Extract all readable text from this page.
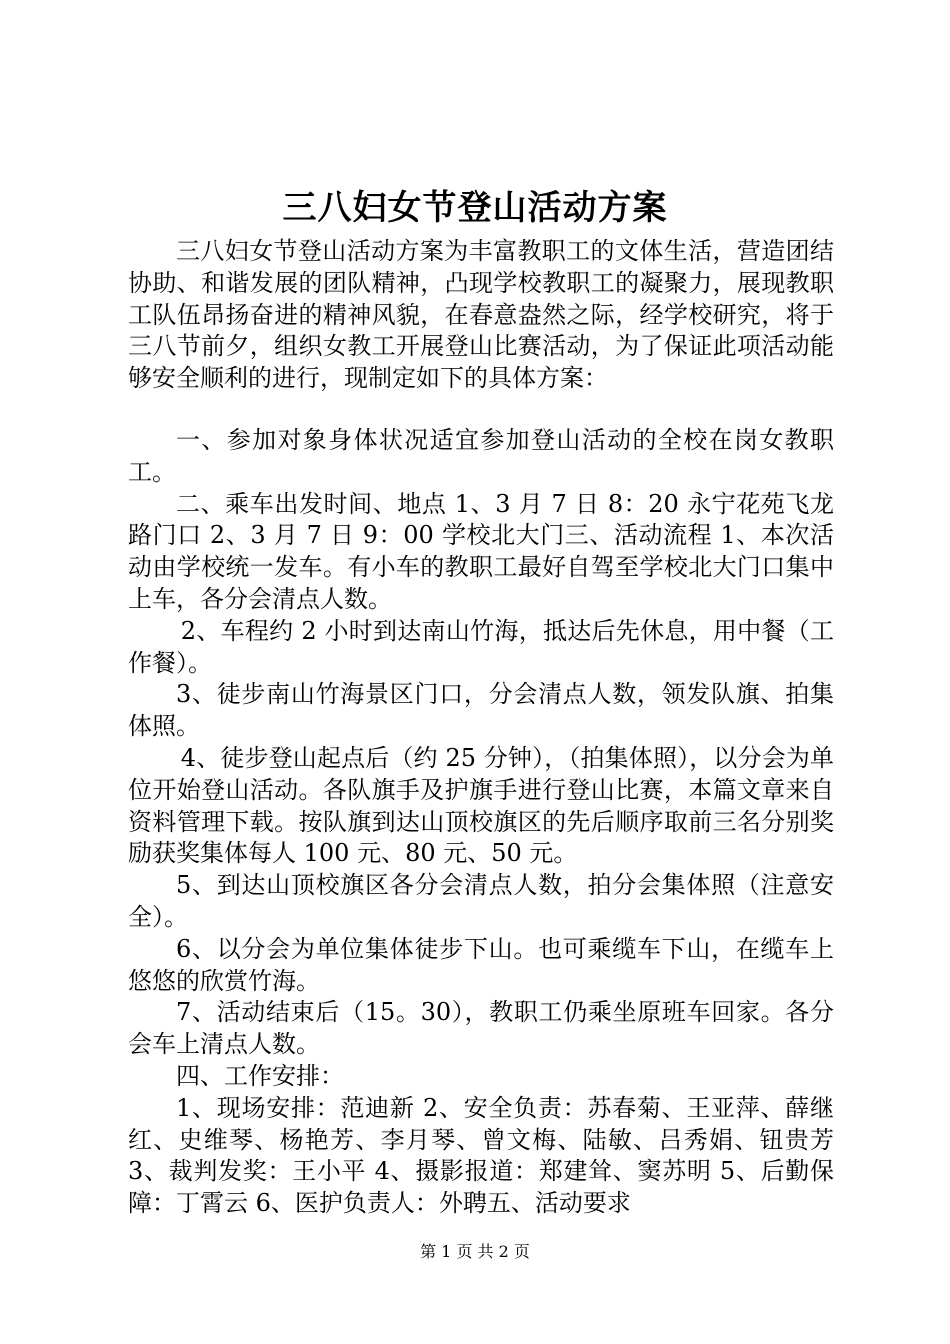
三八妇女节登山活动方案

三八妇女节登山活动方案为丰富教职工的文体生活，营造团结协助、和谐发展的团队精神，凸现学校教职工的凝聚力，展现教职工队伍昂扬奋进的精神风貌，在春意盎然之际，经学校研究，将于三八节前夕，组织女教工开展登山比赛活动，为了保证此项活动能够安全顺利的进行，现制定如下的具体方案：

一、参加对象身体状况适宜参加登山活动的全校在岗女教职工。

二、乘车出发时间、地点 1、3 月 7 日 8：20 永宁花苑飞龙路门口 2、3 月 7 日 9：00 学校北大门三、活动流程 1、本次活动由学校统一发车。有小车的教职工最好自驾至学校北大门口集中上车，各分会清点人数。

2、车程约 2 小时到达南山竹海，抵达后先休息，用中餐（工作餐）。

3、徒步南山竹海景区门口，分会清点人数，领发队旗、拍集体照。

4、徒步登山起点后（约 25 分钟），（拍集体照），以分会为单位开始登山活动。各队旗手及护旗手进行登山比赛，本篇文章来自资料管理下载。按队旗到达山顶校旗区的先后顺序取前三名分别奖励获奖集体每人 100 元、80 元、50 元。

5、到达山顶校旗区各分会清点人数，拍分会集体照（注意安全）。

6、以分会为单位集体徒步下山。也可乘缆车下山，在缆车上悠悠的欣赏竹海。

7、活动结束后（15。30），教职工仍乘坐原班车回家。各分会车上清点人数。

四、工作安排：

1、现场安排：范迪新 2、安全负责：苏春菊、王亚萍、薛继红、史维琴、杨艳芳、李月琴、曾文梅、陆敏、吕秀娟、钮贵芳 3、裁判发奖：王小平 4、摄影报道：郑建耸、窦苏明 5、后勤保障：丁霄云 6、医护负责人：外聘五、活动要求

第 1 页 共 2 页
